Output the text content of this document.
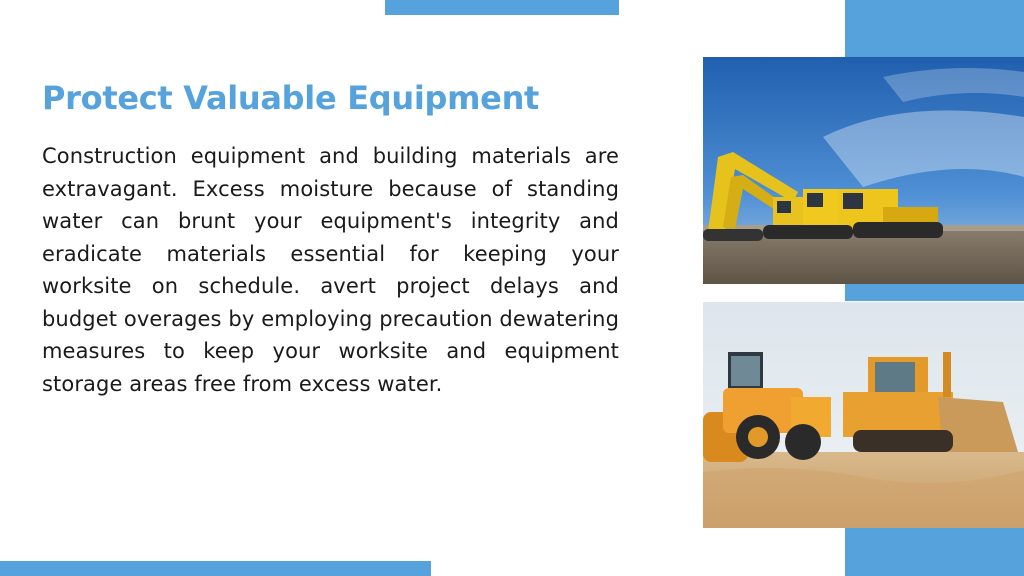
Protect Valuable Equipment

Construction equipment and building materials are extravagant. Excess moisture because of standing water can brunt your equipment's integrity and eradicate materials essential for keeping your worksite on schedule. avert project delays and budget overages by employing precaution dewatering measures to keep your worksite and equipment storage areas free from excess water.
